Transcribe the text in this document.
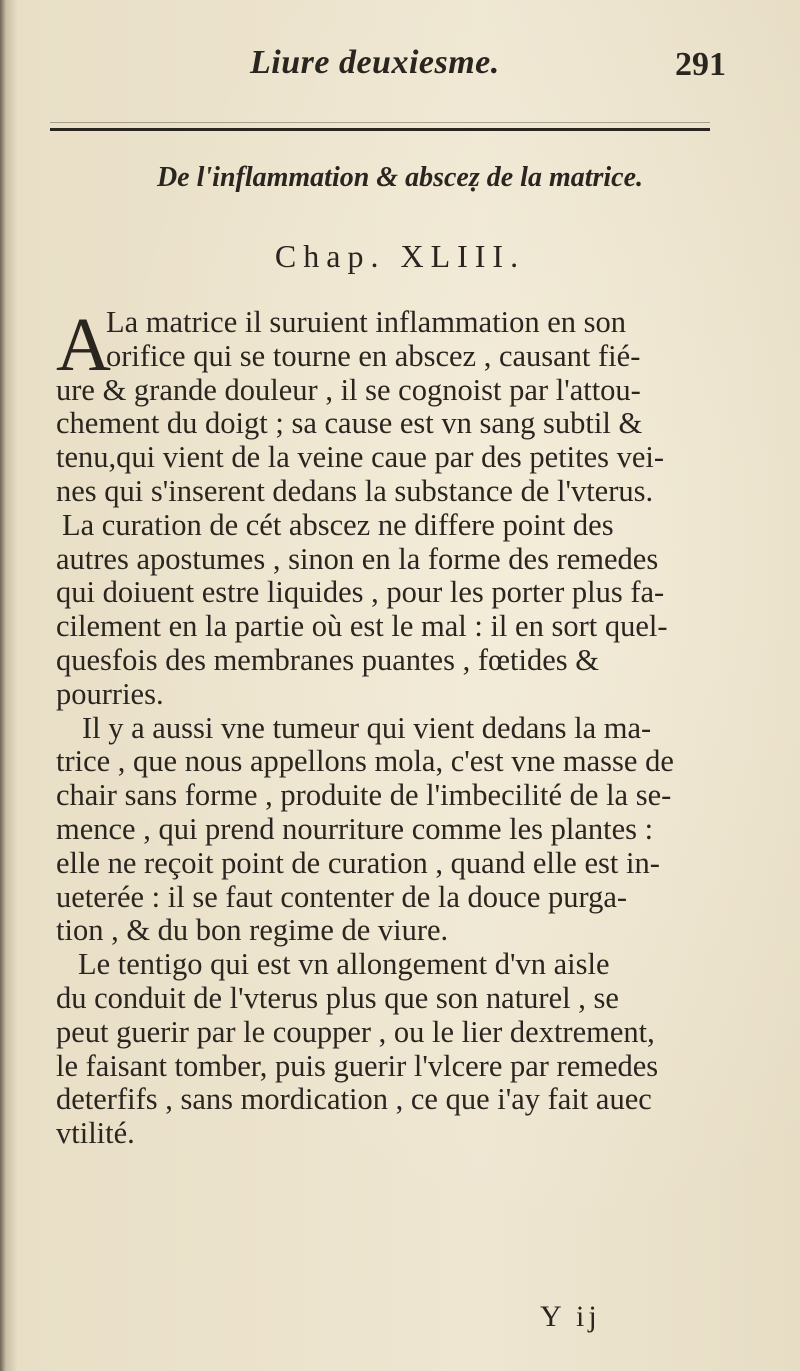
Liure deuxiesme.	291
De l'inflammation & absceẓ de la matrice.
Chap. XLIII.
A
La matrice il suruient inflammation en son
orifice qui se tourne en abscez , causant fié-
ure & grande douleur , il se cognoist par l'attou-
chement du doigt ; sa cause est vn sang subtil &
tenu,qui vient de la veine caue par des petites vei-
nes qui s'inserent dedans la substance de l'vterus.
La curation de cét abscez ne differe point des
autres apostumes , sinon en la forme des remedes
qui doiuent estre liquides , pour les porter plus fa-
cilement en la partie où est le mal : il en sort quel-
quesfois des membranes puantes , fœtides &
pourries.
Il y a aussi vne tumeur qui vient dedans la ma-
trice , que nous appellons mola, c'est vne masse de
chair sans forme , produite de l'imbecilité de la se-
mence , qui prend nourriture comme les plantes :
elle ne reçoit point de curation , quand elle est in-
ueterée : il se faut contenter de la douce purga-
tion , & du bon regime de viure.
Le tentigo qui est vn allongement d'vn aisle
du conduit de l'vterus plus que son naturel , se
peut guerir par le coupper , ou le lier dextrement,
le faisant tomber, puis guerir l'vlcere par remedes
deterfifs , sans mordication , ce que i'ay fait auec
vtilité.
Y ij
